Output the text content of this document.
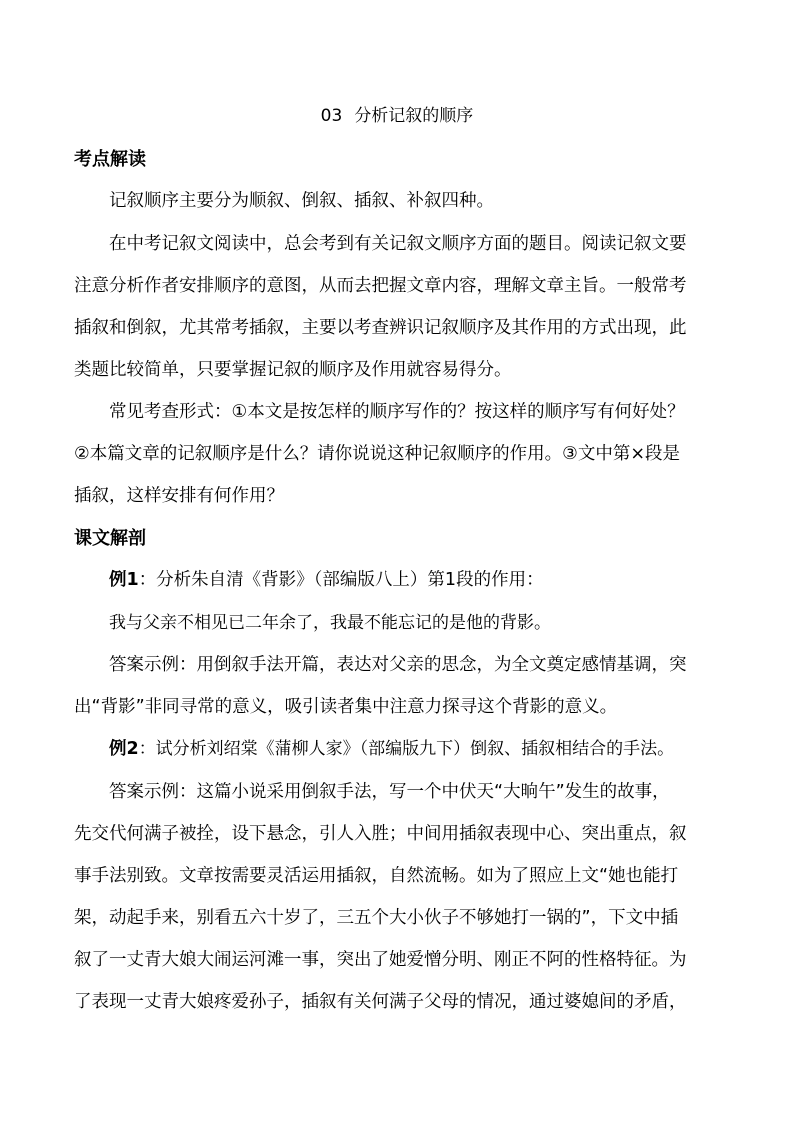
03 分析记叙的顺序
考点解读
记叙顺序主要分为顺叙、倒叙、插叙、补叙四种。
在中考记叙文阅读中，总会考到有关记叙文顺序方面的题目。阅读记叙文要
注意分析作者安排顺序的意图，从而去把握文章内容，理解文章主旨。一般常考
插叙和倒叙，尤其常考插叙，主要以考查辨识记叙顺序及其作用的方式出现，此
类题比较简单，只要掌握记叙的顺序及作用就容易得分。
常见考查形式：①本文是按怎样的顺序写作的？按这样的顺序写有何好处？
②本篇文章的记叙顺序是什么？请你说说这种记叙顺序的作用。③文中第×段是
插叙，这样安排有何作用？
课文解剖
例1：分析朱自清《背影》（部编版八上）第1段的作用：
我与父亲不相见已二年余了，我最不能忘记的是他的背影。
答案示例：用倒叙手法开篇，表达对父亲的思念，为全文奠定感情基调，突
出“背影”非同寻常的意义，吸引读者集中注意力探寻这个背影的意义。
例2：试分析刘绍棠《蒲柳人家》（部编版九下）倒叙、插叙相结合的手法。
答案示例：这篇小说采用倒叙手法，写一个中伏天“大晌午”发生的故事，
先交代何满子被拴，设下悬念，引人入胜；中间用插叙表现中心、突出重点，叙
事手法别致。文章按需要灵活运用插叙，自然流畅。如为了照应上文“她也能打
架，动起手来，别看五六十岁了，三五个大小伙子不够她打一锅的”，下文中插
叙了一丈青大娘大闹运河滩一事，突出了她爱憎分明、刚正不阿的性格特征。为
了表现一丈青大娘疼爱孙子，插叙有关何满子父母的情况，通过婆媳间的矛盾，
